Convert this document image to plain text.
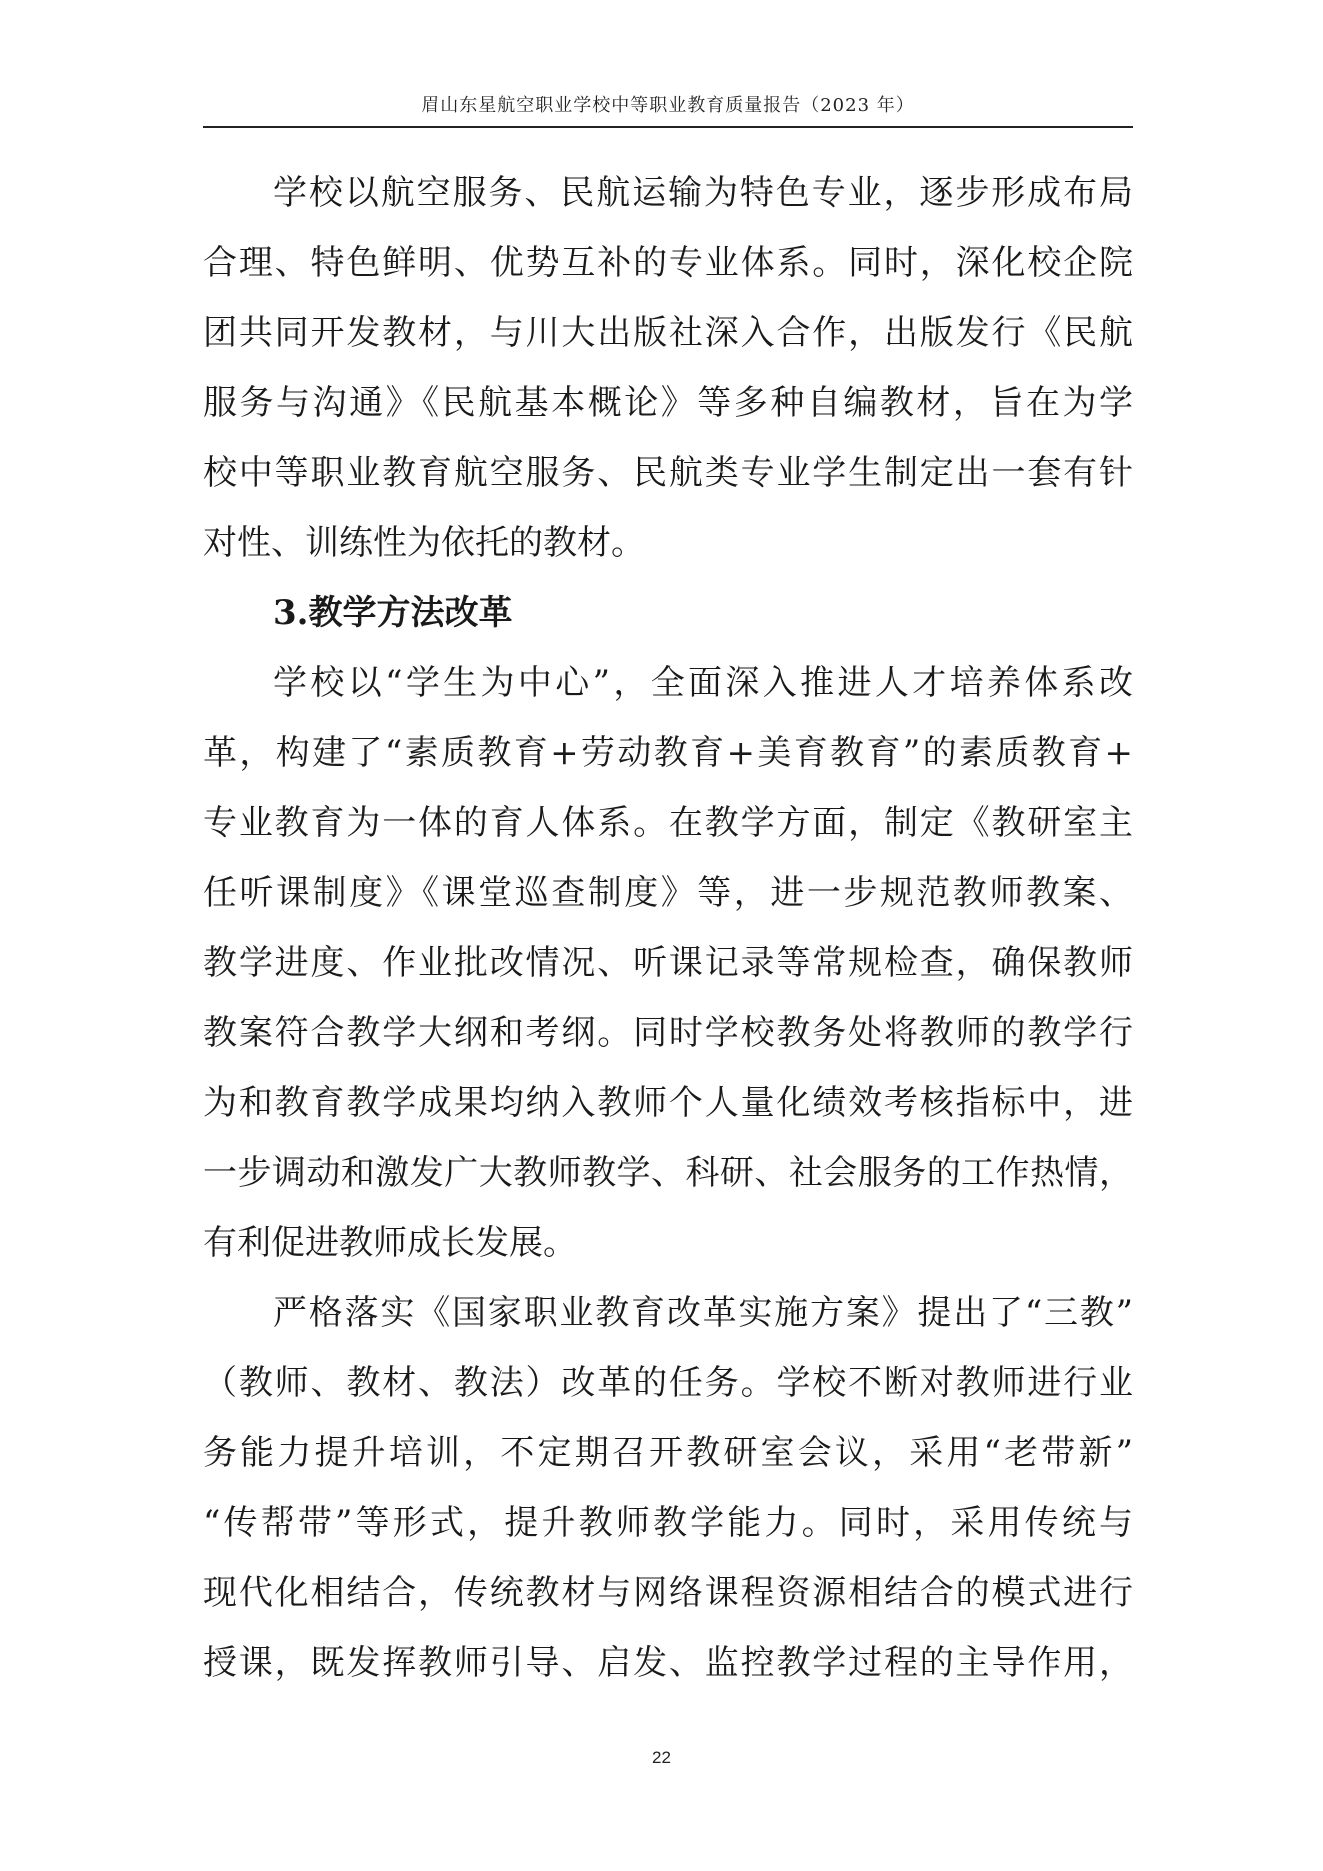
眉山东星航空职业学校中等职业教育质量报告（2023 年）
学校以航空服务、民航运输为特色专业，逐步形成布局
合理、特色鲜明、优势互补的专业体系。同时，深化校企院
团共同开发教材，与川大出版社深入合作，出版发行《民航
服务与沟通》《民航基本概论》等多种自编教材，旨在为学
校中等职业教育航空服务、民航类专业学生制定出一套有针
对性、训练性为依托的教材。
3.教学方法改革
学校以“学生为中心”，全面深入推进人才培养体系改
革，构建了“素质教育+劳动教育+美育教育”的素质教育+
专业教育为一体的育人体系。在教学方面，制定《教研室主
任听课制度》《课堂巡查制度》等，进一步规范教师教案、
教学进度、作业批改情况、听课记录等常规检查，确保教师
教案符合教学大纲和考纲。同时学校教务处将教师的教学行
为和教育教学成果均纳入教师个人量化绩效考核指标中，进
一步调动和激发广大教师教学、科研、社会服务的工作热情，
有利促进教师成长发展。
严格落实《国家职业教育改革实施方案》提出了“三教”
（教师、教材、教法）改革的任务。学校不断对教师进行业
务能力提升培训，不定期召开教研室会议，采用“老带新”
“传帮带”等形式，提升教师教学能力。同时，采用传统与
现代化相结合，传统教材与网络课程资源相结合的模式进行
授课，既发挥教师引导、启发、监控教学过程的主导作用，
22
